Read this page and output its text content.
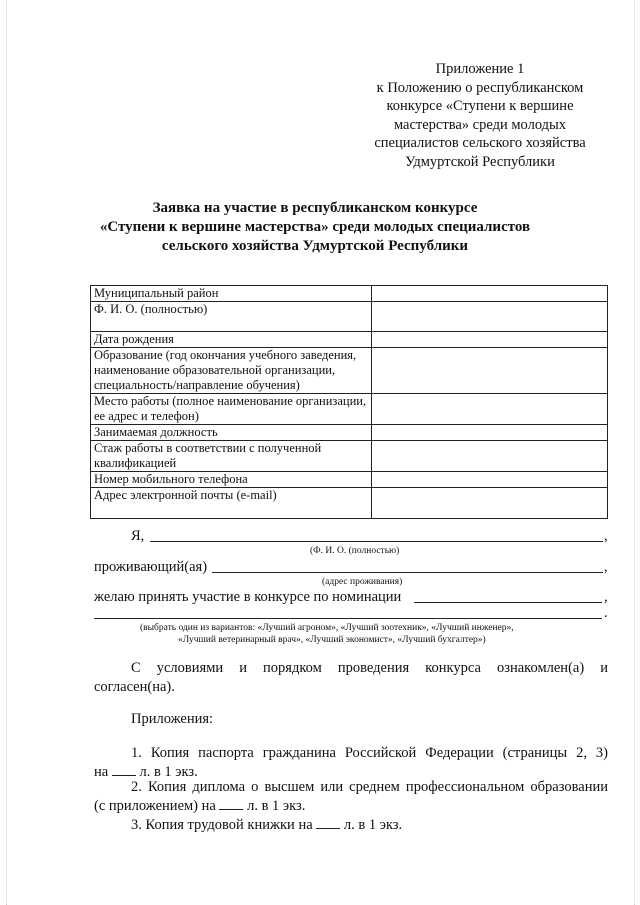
Приложение 1
к Положению о республиканском
конкурсе «Ступени к вершине
мастерства» среди молодых
специалистов сельского хозяйства
Удмуртской Республики
Заявка на участие в республиканском конкурсе
«Ступени к вершине мастерства» среди молодых специалистов
сельского хозяйства Удмуртской Республики
Муниципальный район	
Ф. И. О. (полностью)	
Дата рождения	
Образование (год окончания учебного заведения, наименование образовательной организации, специальность/направление обучения)	
Место работы (полное наименование организации, ее адрес и телефон)	
Занимаемая должность	
Стаж работы в соответствии с полученной квалификацией	
Номер мобильного телефона	
Адрес электронной почты (e-mail)	
Я,	,
(Ф. И. О. (полностью)
проживающий(ая)	,
(адрес проживания)
желаю принять участие в конкурсе по номинации	,
.
(выбрать один из вариантов: «Лучший агроном», «Лучший зоотехник», «Лучший инженер»,
«Лучший ветеринарный врач», «Лучший экономист», «Лучший бухгалтер»)
С условиями и порядком проведения конкурса ознакомлен(а) и
согласен(на).
Приложения:
1. Копия паспорта гражданина Российской Федерации (страницы 2, 3)
на л. в 1 экз.
2. Копия диплома о высшем или среднем профессиональном образовании
(с приложением) на л. в 1 экз.
3. Копия трудовой книжки на л. в 1 экз.
